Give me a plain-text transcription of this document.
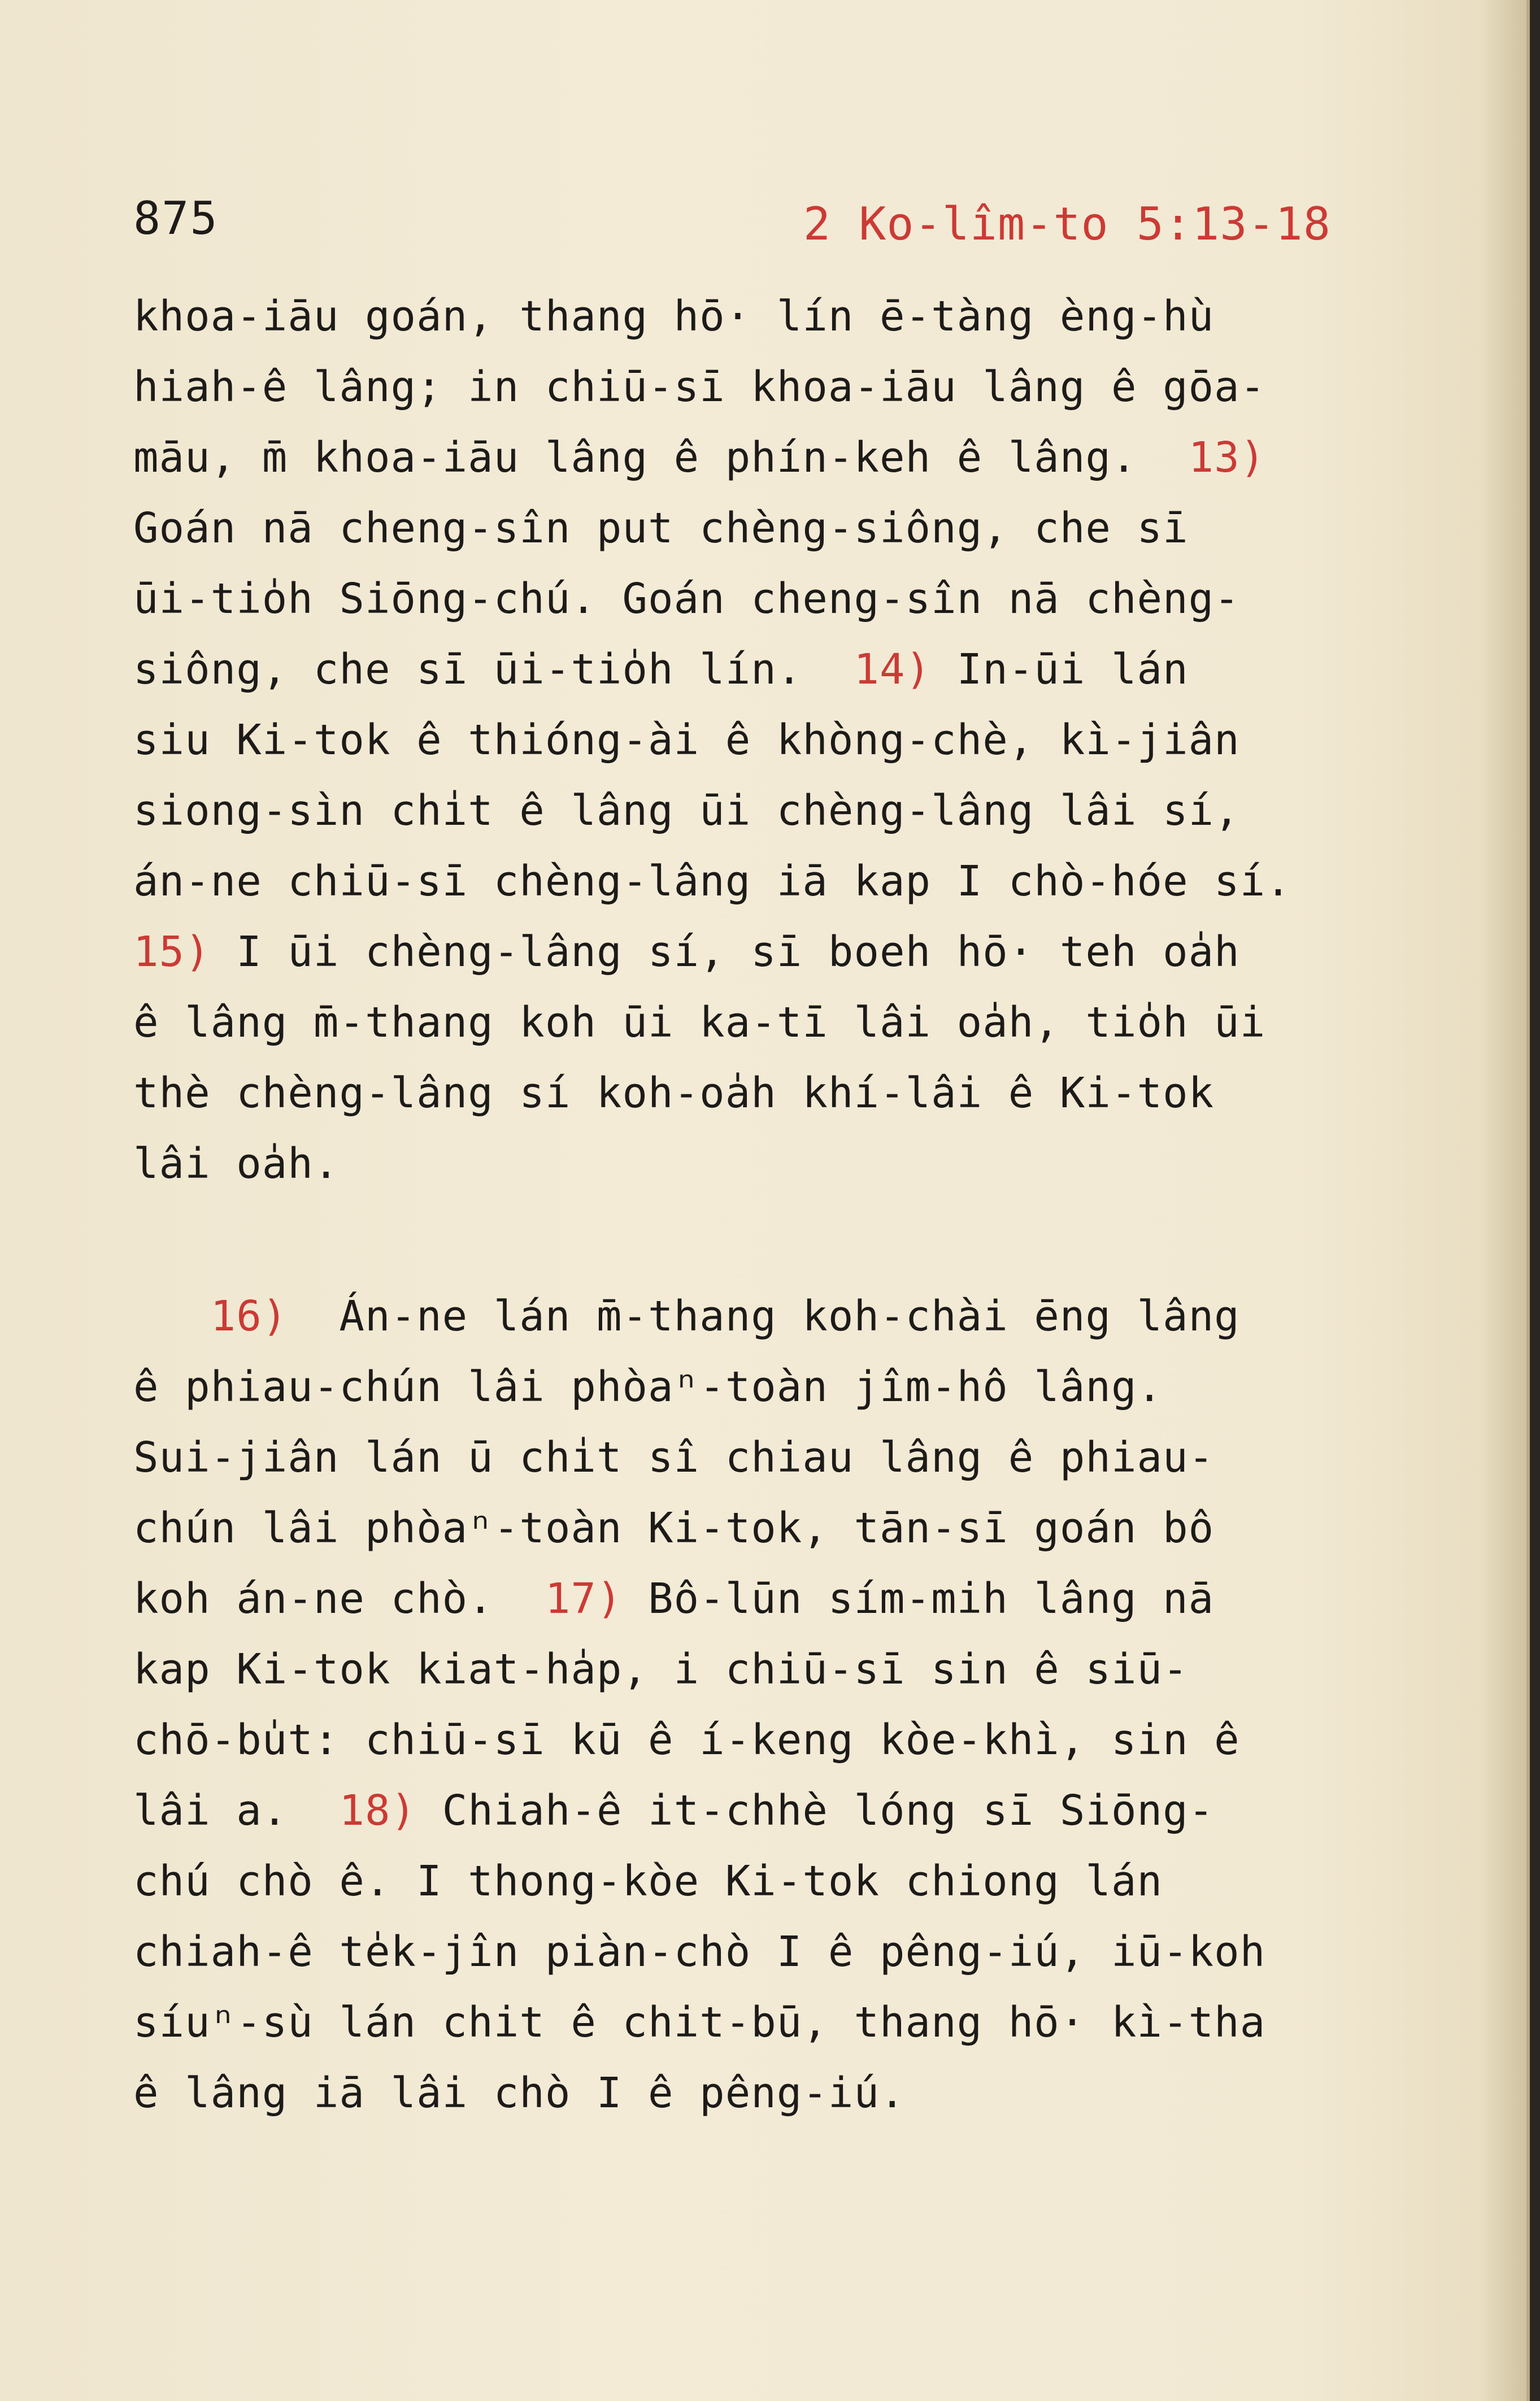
875	2 Ko-lîm-to 5:13-18
khoa-iāu goán, thang hō· lín ē-tàng èng-hù
hiah-ê lâng; in chiū-sī khoa-iāu lâng ê gōa-
māu, m̄ khoa-iāu lâng ê phín-keh ê lâng. 13)
Goán nā cheng-sîn put chèng-siông, che sī
ūi-tio̍h Siōng-chú. Goán cheng-sîn nā chèng-
siông, che sī ūi-tio̍h lín. 14) In-ūi lán
siu Ki-tok ê thióng-ài ê khòng-chè, kì-jiân
siong-sìn chi̍t ê lâng ūi chèng-lâng lâi sí,
án-ne chiū-sī chèng-lâng iā kap I chò-hóe sí.
15) I ūi chèng-lâng sí, sī boeh hō· teh oa̍h
ê lâng m̄-thang koh ūi ka-tī lâi oa̍h, tio̍h ūi
thè chèng-lâng sí koh-oa̍h khí-lâi ê Ki-tok
lâi oa̍h.
16) Án-ne lán m̄-thang koh-chài ēng lâng
ê phiau-chún lâi phòaⁿ-toàn jîm-hô lâng.
Sui-jiân lán ū chi̍t sî chiau lâng ê phiau-
chún lâi phòaⁿ-toàn Ki-tok, tān-sī goán bô
koh án-ne chò. 17) Bô-lūn sím-mih lâng nā
kap Ki-tok kiat-ha̍p, i chiū-sī sin ê siū-
chō-bu̍t: chiū-sī kū ê í-keng kòe-khì, sin ê
lâi a. 18) Chiah-ê it-chhè lóng sī Siōng-
chú chò ê. I thong-kòe Ki-tok chiong lán
chiah-ê te̍k-jîn piàn-chò I ê pêng-iú, iū-koh
síuⁿ-sù lán chit ê chit-bū, thang hō· kì-tha
ê lâng iā lâi chò I ê pêng-iú.
